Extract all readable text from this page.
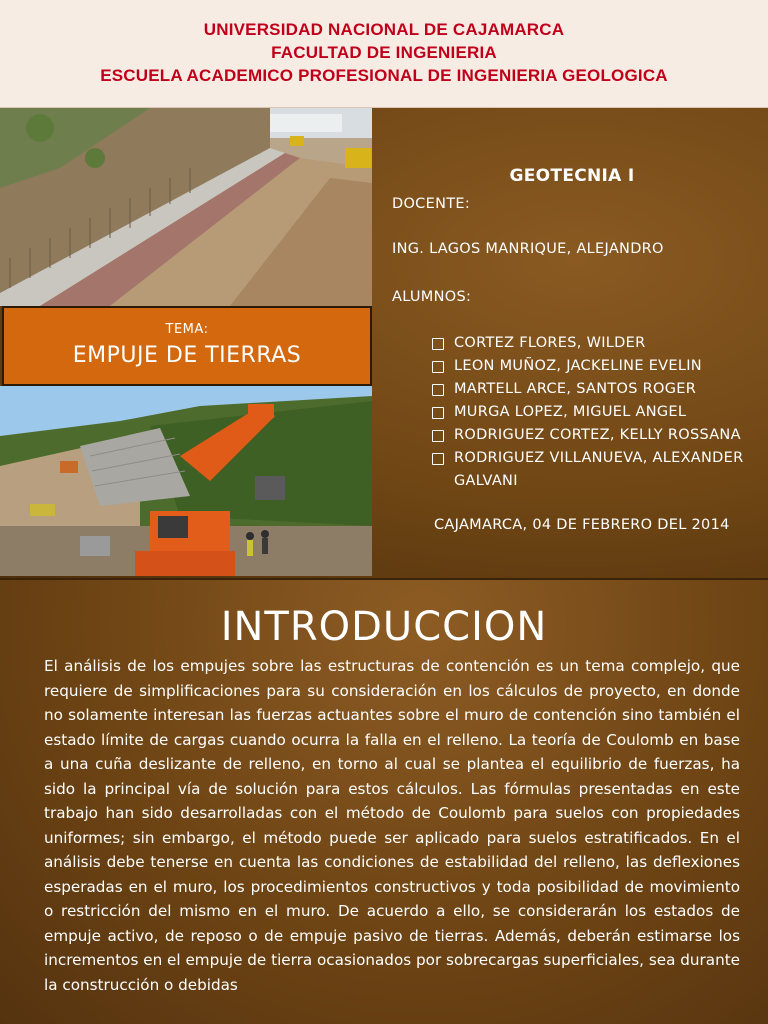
UNIVERSIDAD NACIONAL DE CAJAMARCA
FACULTAD DE INGENIERIA
ESCUELA ACADEMICO PROFESIONAL DE INGENIERIA GEOLOGICA
TEMA:
EMPUJE DE TIERRAS
GEOTECNIA I
DOCENTE:
ING. LAGOS MANRIQUE, ALEJANDRO
ALUMNOS:
CORTEZ FLORES, WILDER
LEON MUÑOZ, JACKELINE EVELIN
MARTELL ARCE, SANTOS ROGER
MURGA LOPEZ, MIGUEL ANGEL
RODRIGUEZ CORTEZ, KELLY ROSSANA
RODRIGUEZ VILLANUEVA, ALEXANDER GALVANI
CAJAMARCA, 04 DE FEBRERO DEL 2014
INTRODUCCION
El análisis de los empujes sobre las estructuras de contención es un tema complejo, que requiere de simplificaciones para su consideración en los cálculos de proyecto, en donde no solamente interesan las fuerzas actuantes sobre el muro de contención sino también el estado límite de cargas cuando ocurra la falla en el relleno. La teoría de Coulomb en base a una cuña deslizante de relleno, en torno al cual se plantea el equilibrio de fuerzas, ha sido la principal vía de solución para estos cálculos. Las fórmulas presentadas en este trabajo han sido desarrolladas con el método de Coulomb para suelos con propiedades uniformes; sin embargo, el método puede ser aplicado para suelos estratificados. En el análisis debe tenerse en cuenta las condiciones de estabilidad del relleno, las deflexiones esperadas en el muro, los procedimientos constructivos y toda posibilidad de movimiento o restricción del mismo en el muro. De acuerdo a ello, se considerarán los estados de empuje activo, de reposo o de empuje pasivo de tierras. Además, deberán estimarse los incrementos en el empuje de tierra ocasionados por sobrecargas superficiales, sea durante la construcción o debidas
